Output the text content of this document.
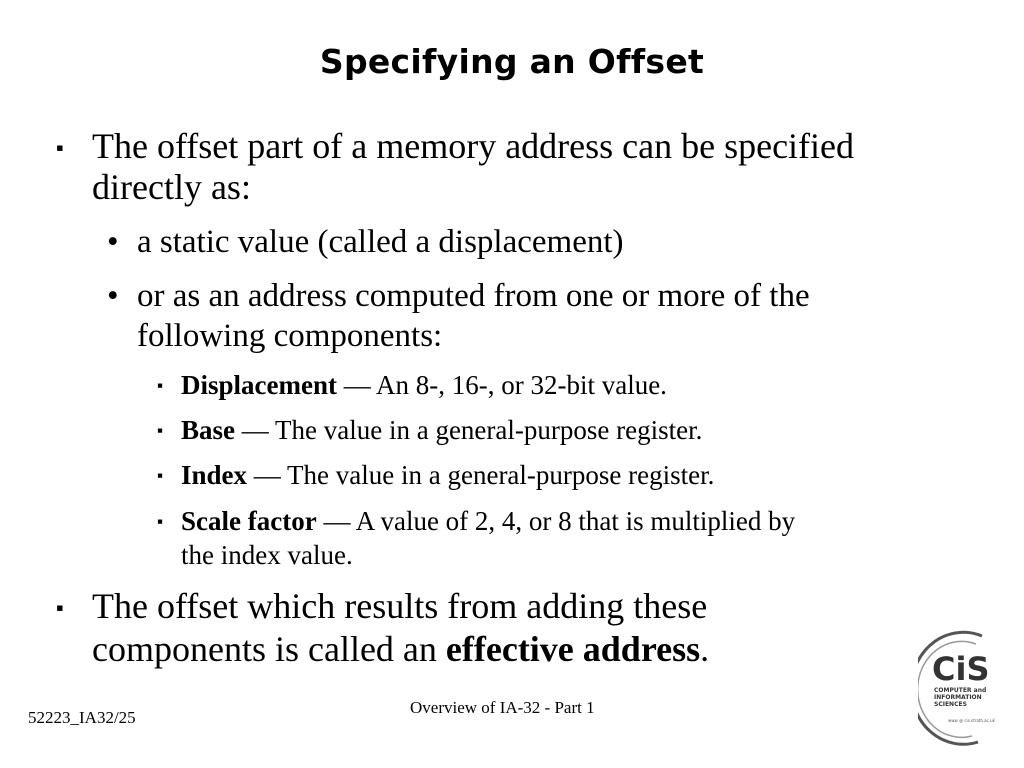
Specifying an Offset
▪ The offset part of a memory address can be specified
directly as:
• a static value (called a displacement)
• or as an address computed from one or more of the
following components:
▪ Displacement — An 8-, 16-, or 32-bit value.
▪ Base — The value in a general-purpose register.
▪ Index — The value in a general-purpose register.
▪ Scale factor — A value of 2, 4, or 8 that is multiplied by
the index value.
▪ The offset which results from adding these
components is called an effective address.
52223_IA32/25
Overview of IA-32 - Part 1
CiS
COMPUTER and
INFORMATION
SCIENCES
www @ cis.strath.ac.uk
